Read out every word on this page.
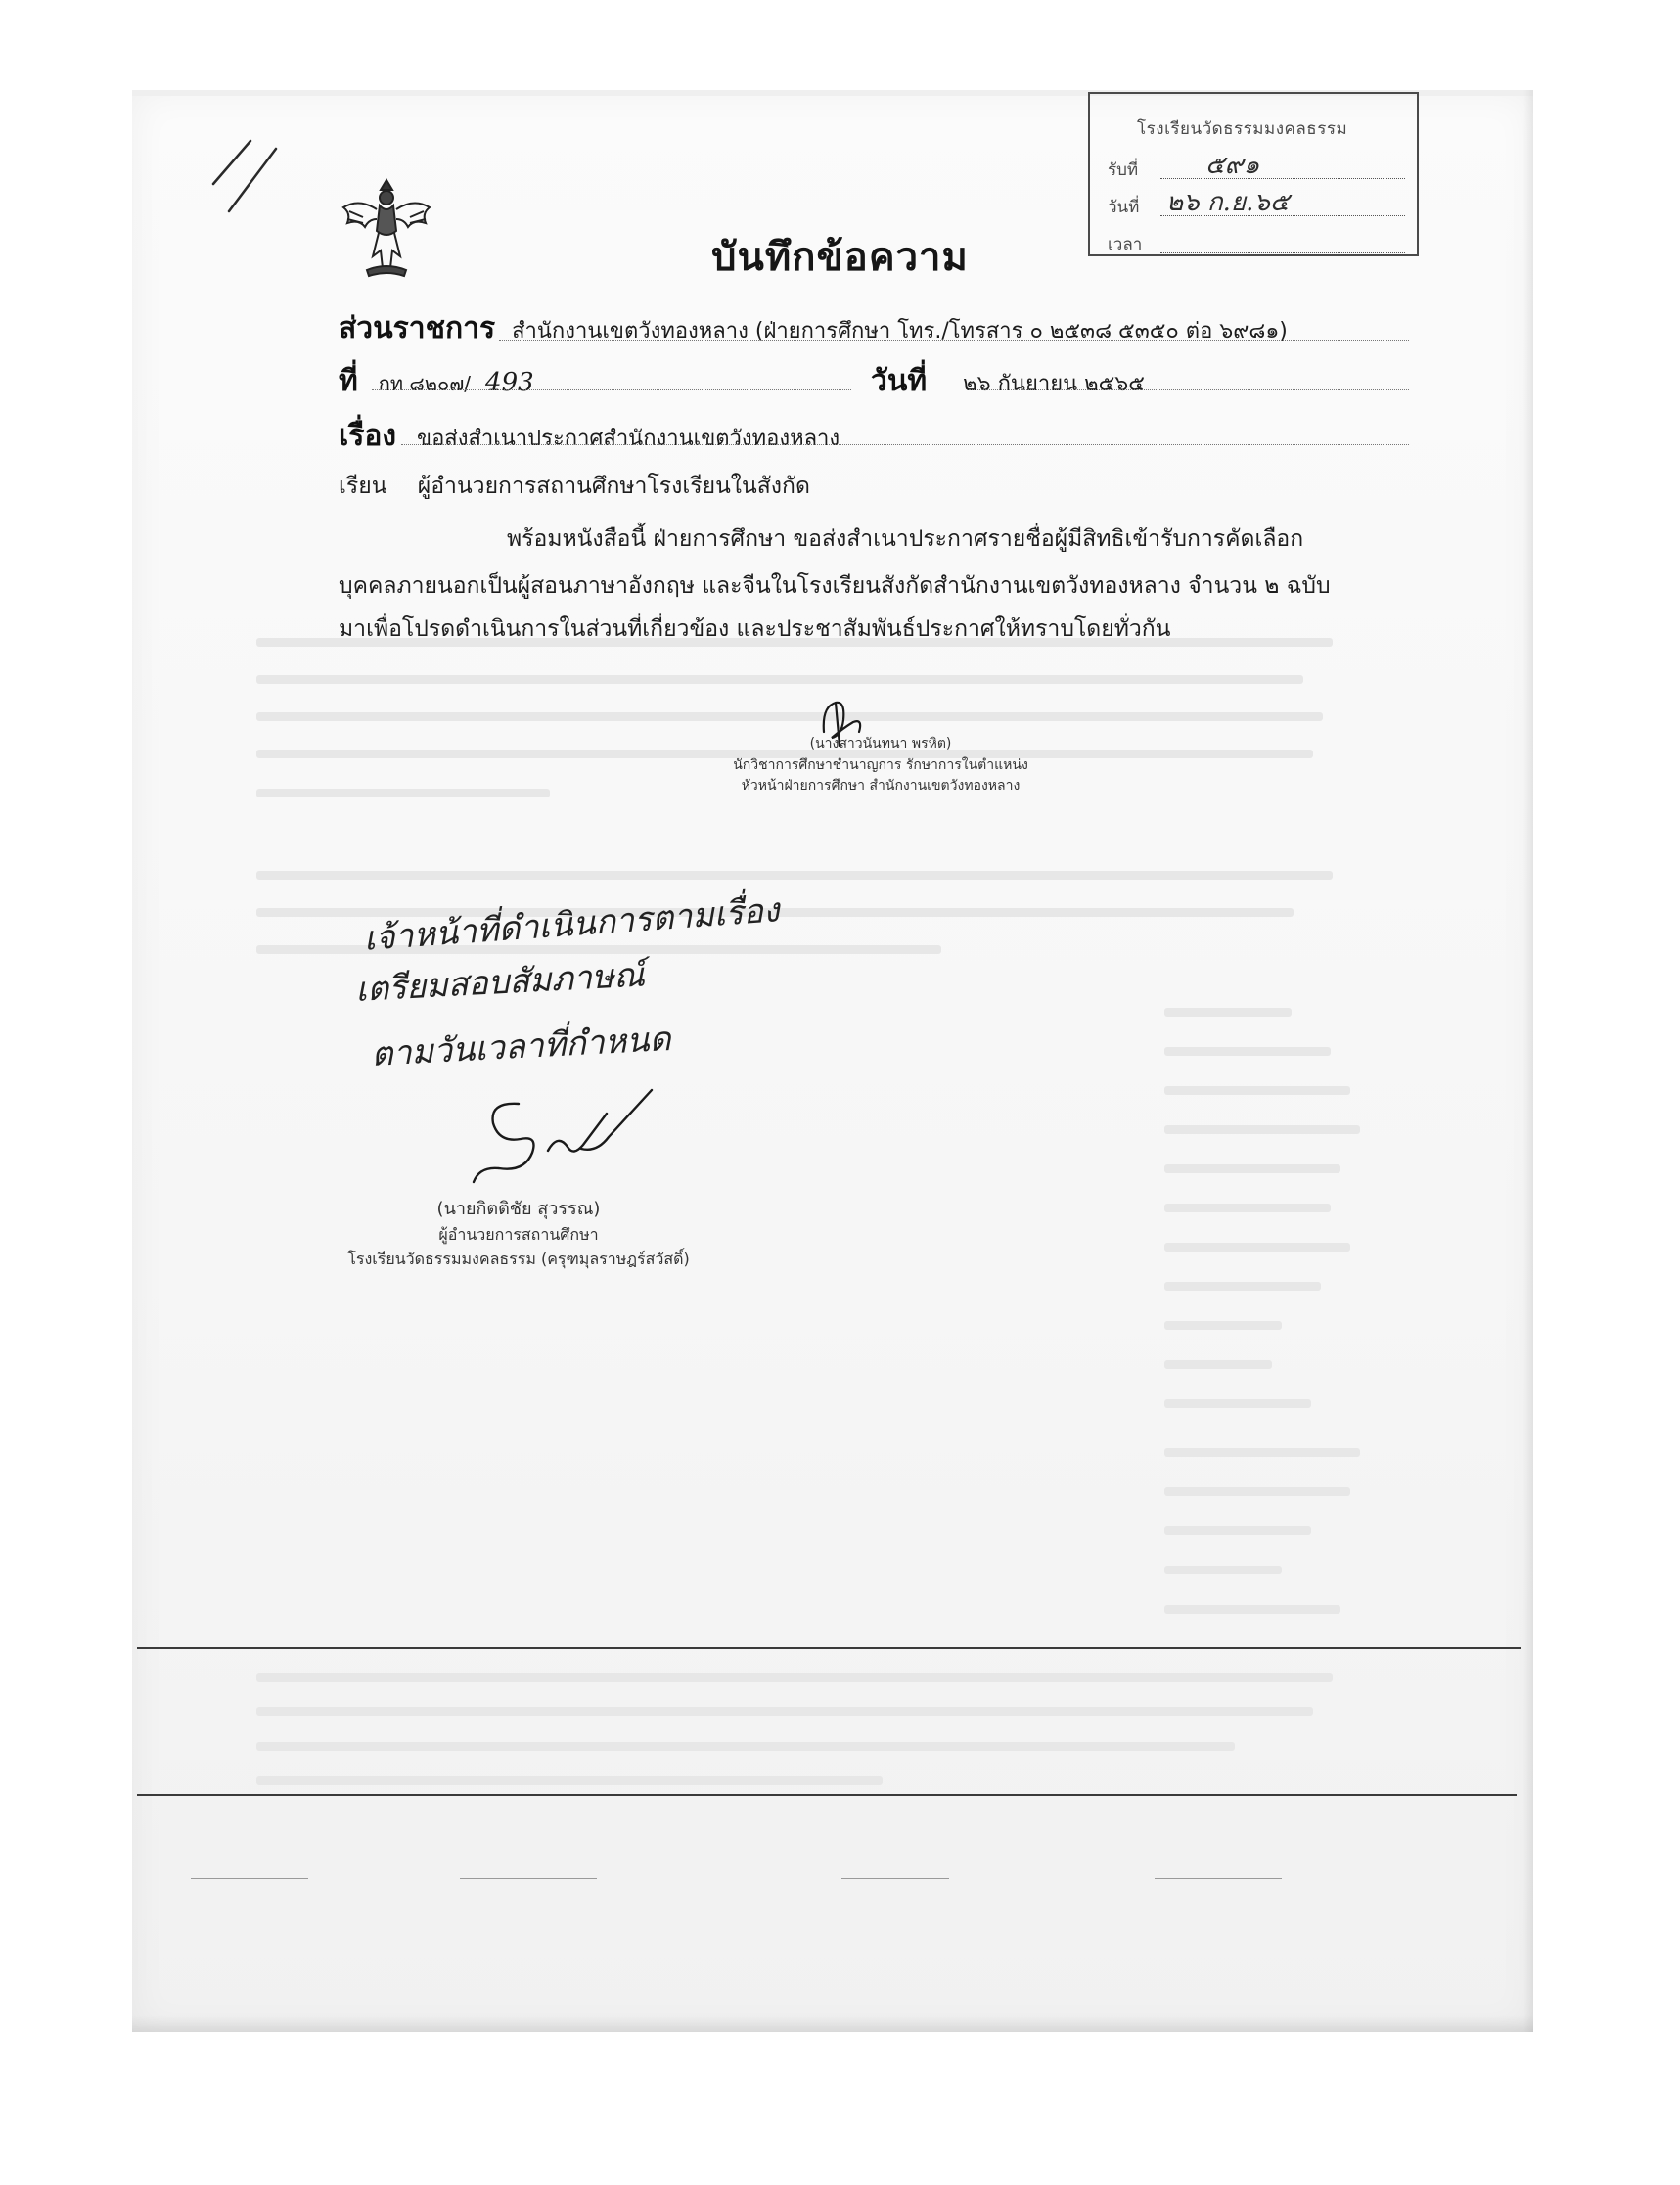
โรงเรียนวัดธรรมมงคลธรรม
รับที่	๕๙๑
วันที่	๒๖ ก.ย.๖๕
เวลา
บันทึกข้อความ
ส่วนราชการ สำนักงานเขตวังทองหลาง (ฝ่ายการศึกษา โทร./โทรสาร ๐ ๒๕๓๘ ๕๓๕๐ ต่อ ๖๙๘๑)
ที่ กท ๘๒๐๗/ 493	วันที่ ๒๖ กันยายน ๒๕๖๕
เรื่อง ขอส่งสำเนาประกาศสำนักงานเขตวังทองหลาง
เรียน ผู้อำนวยการสถานศึกษาโรงเรียนในสังกัด
พร้อมหนังสือนี้ ฝ่ายการศึกษา ขอส่งสำเนาประกาศรายชื่อผู้มีสิทธิเข้ารับการคัดเลือก
บุคคลภายนอกเป็นผู้สอนภาษาอังกฤษ และจีนในโรงเรียนสังกัดสำนักงานเขตวังทองหลาง จำนวน ๒ ฉบับ
มาเพื่อโปรดดำเนินการในส่วนที่เกี่ยวข้อง และประชาสัมพันธ์ประกาศให้ทราบโดยทั่วกัน
(นางสาวนันทนา พรหิต)
นักวิชาการศึกษาชำนาญการ รักษาการในตำแหน่ง
หัวหน้าฝ่ายการศึกษา สำนักงานเขตวังทองหลาง
เจ้าหน้าที่ดำเนินการตามเรื่อง
เตรียมสอบสัมภาษณ์
ตามวันเวลาที่กำหนด
(นายกิตติชัย สุวรรณ)
ผู้อำนวยการสถานศึกษา
โรงเรียนวัดธรรมมงคลธรรม (ครุฑมุลราษฎร์สวัสดิ์)
